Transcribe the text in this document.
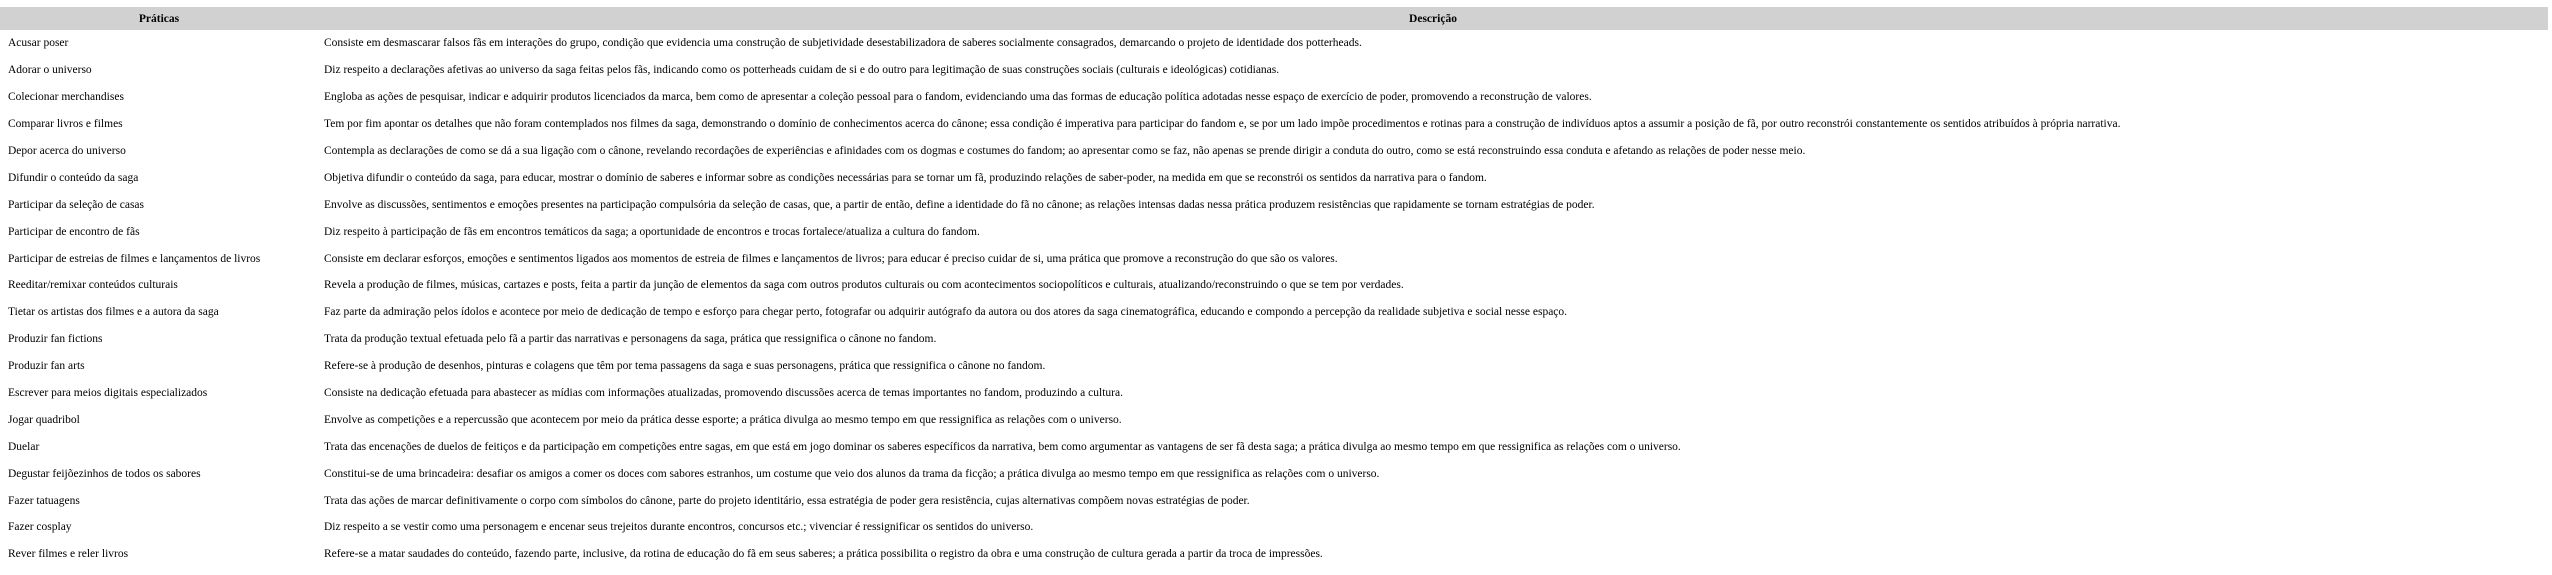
Práticas	Descrição
Acusar poser	Consiste em desmascarar falsos fãs em interações do grupo, condição que evidencia uma construção de subjetividade desestabilizadora de saberes socialmente consagrados, demarcando o projeto de identidade dos potterheads.
Adorar o universo	Diz respeito a declarações afetivas ao universo da saga feitas pelos fãs, indicando como os potterheads cuidam de si e do outro para legitimação de suas construções sociais (culturais e ideológicas) cotidianas.
Colecionar merchandises	Engloba as ações de pesquisar, indicar e adquirir produtos licenciados da marca, bem como de apresentar a coleção pessoal para o fandom, evidenciando uma das formas de educação política adotadas nesse espaço de exercício de poder, promovendo a reconstrução de valores.
Comparar livros e filmes	Tem por fim apontar os detalhes que não foram contemplados nos filmes da saga, demonstrando o domínio de conhecimentos acerca do cânone; essa condição é imperativa para participar do fandom e, se por um lado impõe procedimentos e rotinas para a construção de indivíduos aptos a assumir a posição de fã, por outro reconstrói constantemente os sentidos atribuídos à própria narrativa.
Depor acerca do universo	Contempla as declarações de como se dá a sua ligação com o cânone, revelando recordações de experiências e afinidades com os dogmas e costumes do fandom; ao apresentar como se faz, não apenas se prende dirigir a conduta do outro, como se está reconstruindo essa conduta e afetando as relações de poder nesse meio.
Difundir o conteúdo da saga	Objetiva difundir o conteúdo da saga, para educar, mostrar o domínio de saberes e informar sobre as condições necessárias para se tornar um fã, produzindo relações de saber-poder, na medida em que se reconstrói os sentidos da narrativa para o fandom.
Participar da seleção de casas	Envolve as discussões, sentimentos e emoções presentes na participação compulsória da seleção de casas, que, a partir de então, define a identidade do fã no cânone; as relações intensas dadas nessa prática produzem resistências que rapidamente se tornam estratégias de poder.
Participar de encontro de fãs	Diz respeito à participação de fãs em encontros temáticos da saga; a oportunidade de encontros e trocas fortalece/atualiza a cultura do fandom.
Participar de estreias de filmes e lançamentos de livros	Consiste em declarar esforços, emoções e sentimentos ligados aos momentos de estreia de filmes e lançamentos de livros; para educar é preciso cuidar de si, uma prática que promove a reconstrução do que são os valores.
Reeditar/remixar conteúdos culturais	Revela a produção de filmes, músicas, cartazes e posts, feita a partir da junção de elementos da saga com outros produtos culturais ou com acontecimentos sociopolíticos e culturais, atualizando/reconstruindo o que se tem por verdades.
Tietar os artistas dos filmes e a autora da saga	Faz parte da admiração pelos ídolos e acontece por meio de dedicação de tempo e esforço para chegar perto, fotografar ou adquirir autógrafo da autora ou dos atores da saga cinematográfica, educando e compondo a percepção da realidade subjetiva e social nesse espaço.
Produzir fan fictions	Trata da produção textual efetuada pelo fã a partir das narrativas e personagens da saga, prática que ressignifica o cânone no fandom.
Produzir fan arts	Refere-se à produção de desenhos, pinturas e colagens que têm por tema passagens da saga e suas personagens, prática que ressignifica o cânone no fandom.
Escrever para meios digitais especializados	Consiste na dedicação efetuada para abastecer as mídias com informações atualizadas, promovendo discussões acerca de temas importantes no fandom, produzindo a cultura.
Jogar quadribol	Envolve as competições e a repercussão que acontecem por meio da prática desse esporte; a prática divulga ao mesmo tempo em que ressignifica as relações com o universo.
Duelar	Trata das encenações de duelos de feitiços e da participação em competições entre sagas, em que está em jogo dominar os saberes específicos da narrativa, bem como argumentar as vantagens de ser fã desta saga; a prática divulga ao mesmo tempo em que ressignifica as relações com o universo.
Degustar feijõezinhos de todos os sabores	Constitui-se de uma brincadeira: desafiar os amigos a comer os doces com sabores estranhos, um costume que veio dos alunos da trama da ficção; a prática divulga ao mesmo tempo em que ressignifica as relações com o universo.
Fazer tatuagens	Trata das ações de marcar definitivamente o corpo com símbolos do cânone, parte do projeto identitário, essa estratégia de poder gera resistência, cujas alternativas compõem novas estratégias de poder.
Fazer cosplay	Diz respeito a se vestir como uma personagem e encenar seus trejeitos durante encontros, concursos etc.; vivenciar é ressignificar os sentidos do universo.
Rever filmes e reler livros	Refere-se a matar saudades do conteúdo, fazendo parte, inclusive, da rotina de educação do fã em seus saberes; a prática possibilita o registro da obra e uma construção de cultura gerada a partir da troca de impressões.
